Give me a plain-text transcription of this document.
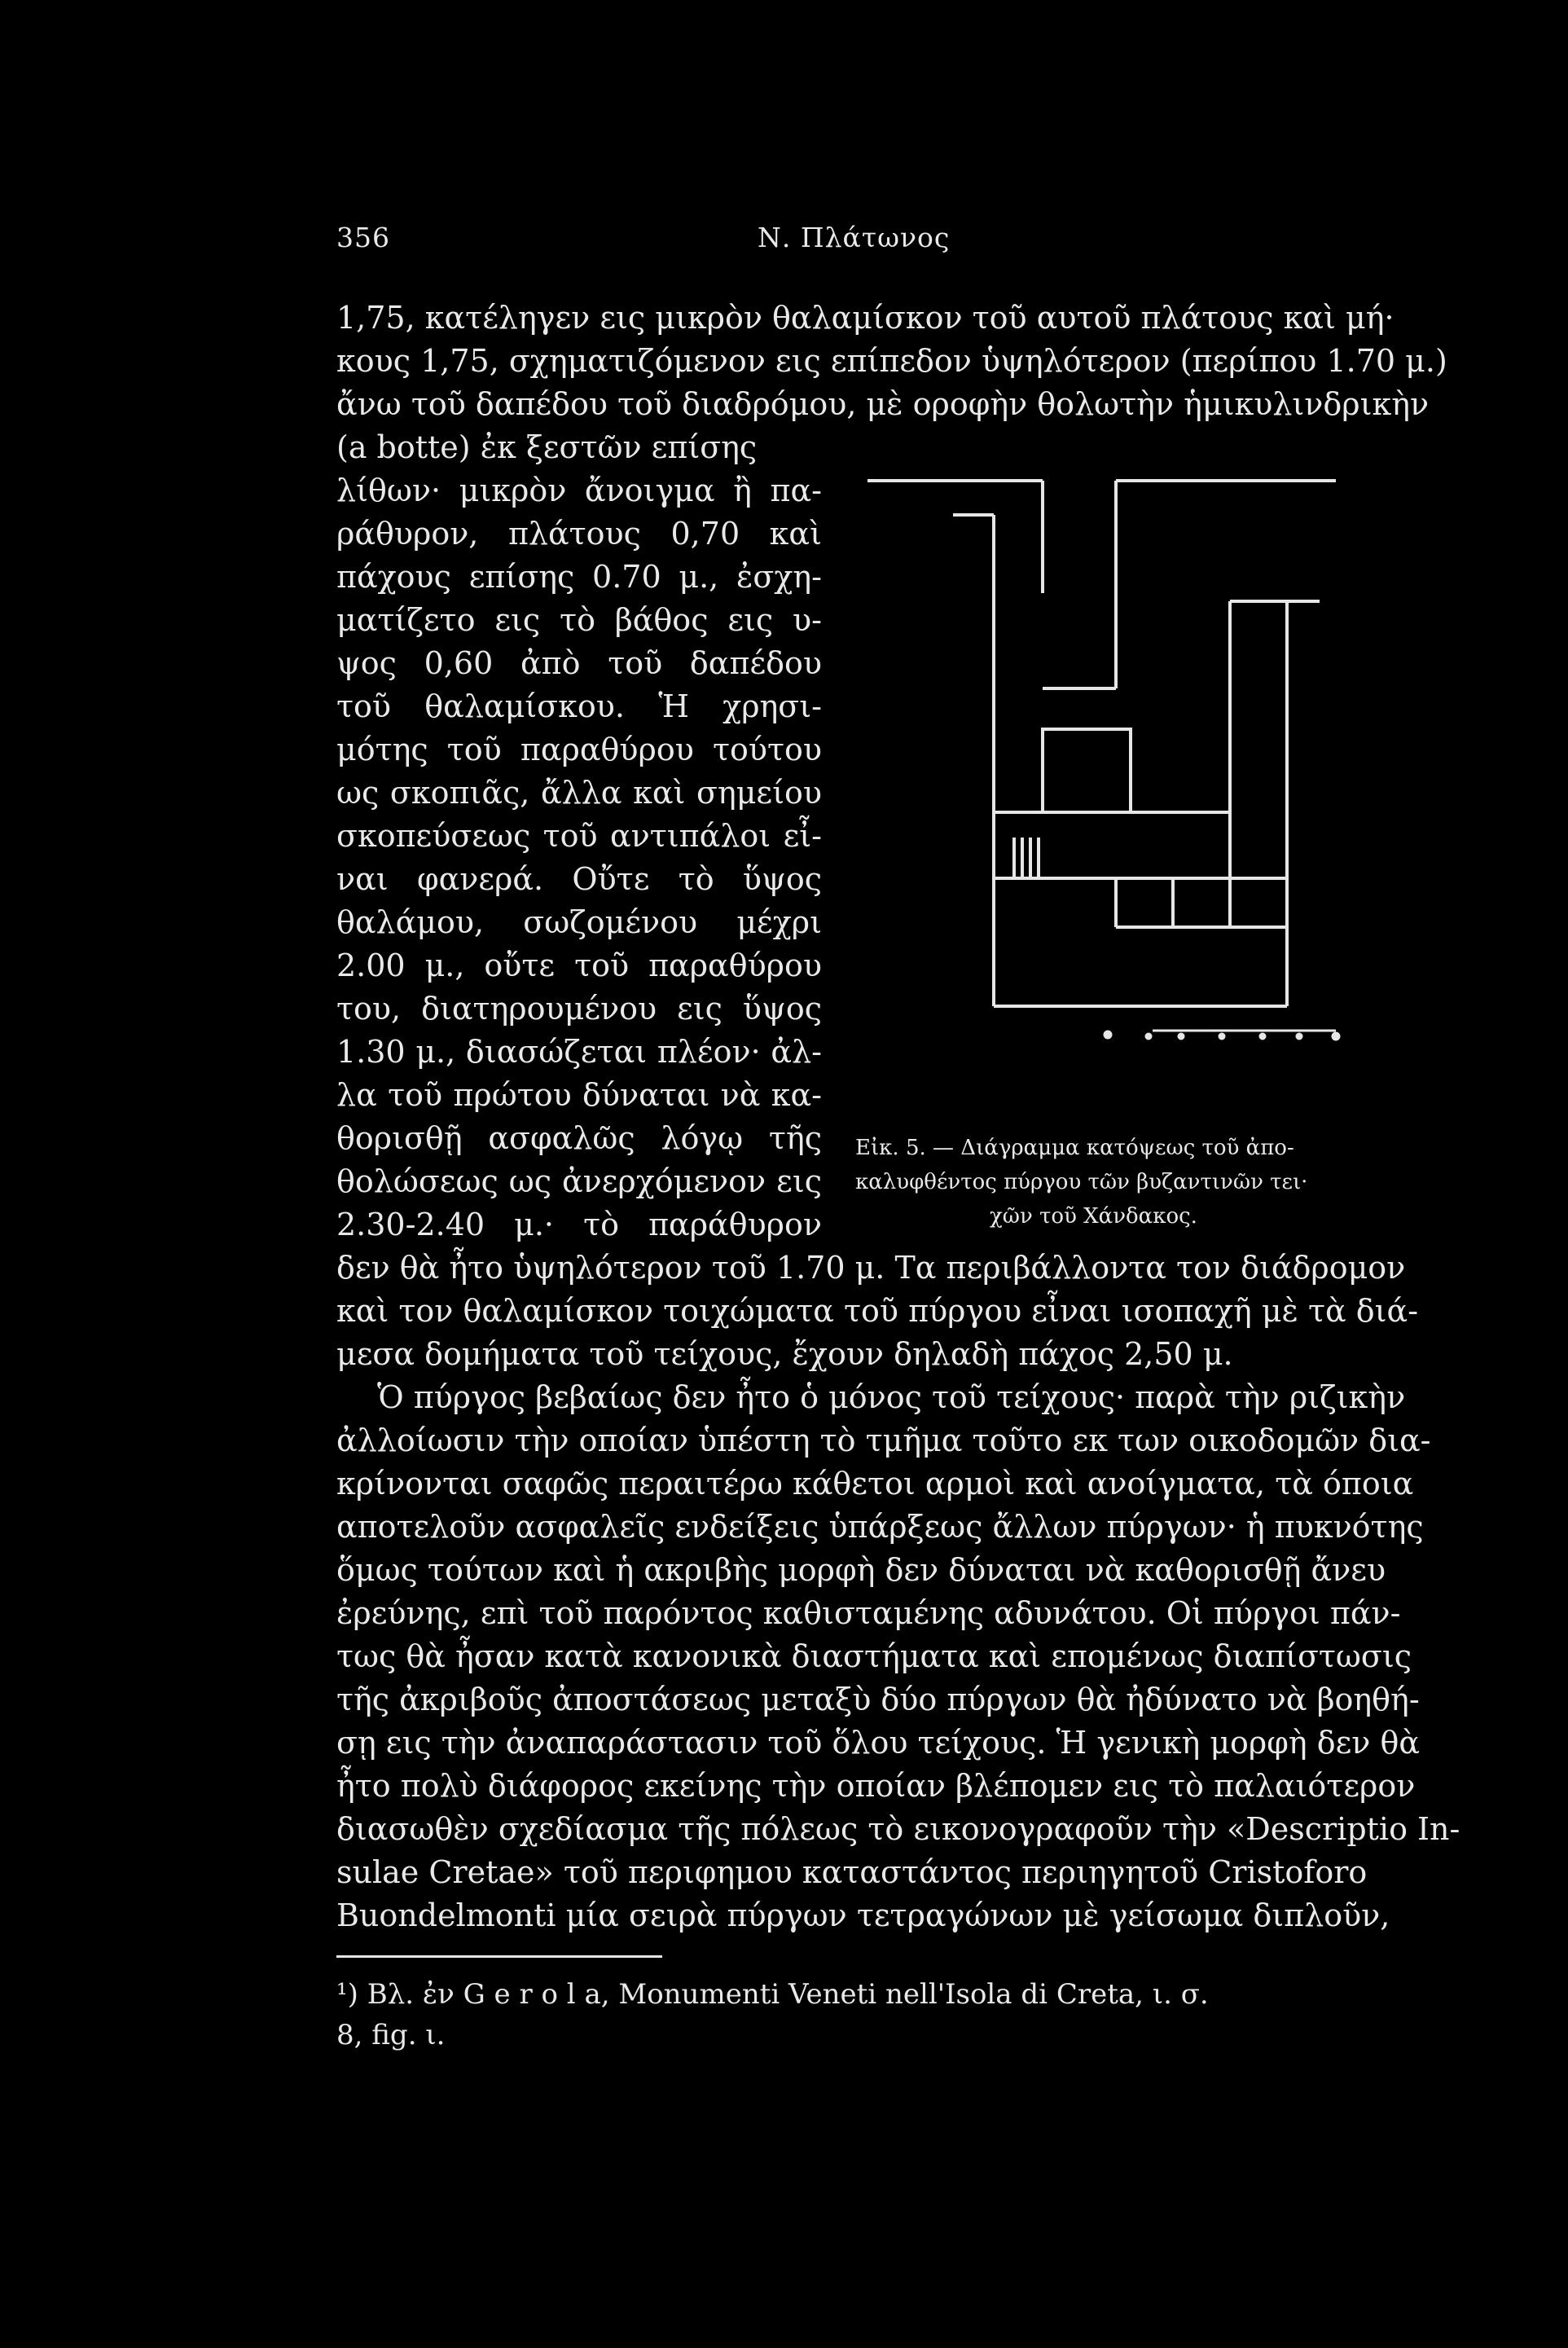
356	Ν. Πλάτωνος
1,75, κατέληγεν εις μικρὸν θαλαμίσκον τοῦ αυτοῦ πλάτους καὶ μή·
κους 1,75, σχηματιζόμενον εις επίπεδον ὑψηλότερον (περίπου 1.70 μ.)
ἄνω τοῦ δαπέδου τοῦ διαδρόμου, μὲ οροφὴν θολωτὴν ἡμικυλινδρικὴν
(a botte) ἐκ ξεστῶν επίσης
λίθων· μικρὸν ἄνοιγμα ἢ πα-
ράθυρον, πλάτους 0,70 καὶ
πάχους επίσης 0.70 μ., ἐσχη-
ματίζετο εις τὸ βάθος εις υ-
ψος 0,60 ἀπὸ τοῦ δαπέδου
τοῦ θαλαμίσκου. Ἡ χρησι-
μότης τοῦ παραθύρου τούτου
ως σκοπιᾶς, ἄλλα καὶ σημείου
σκοπεύσεως τοῦ αντιπάλοι εἶ-
ναι φανερά. Οὔτε τὸ ὕψος
θαλάμου, σωζομένου μέχρι
2.00 μ., οὔτε τοῦ παραθύρου
του, διατηρουμένου εις ὕψος
1.30 μ., διασώζεται πλέον· ἀλ-
λα τοῦ πρώτου δύναται νὰ κα-
θορισθῇ ασφαλῶς λόγῳ τῆς
θολώσεως ως ἀνερχόμενον εις
2.30-2.40 μ.· τὸ παράθυρον
δεν θὰ ἦτο ὑψηλότερον τοῦ 1.70 μ. Τα περιβάλλοντα τον διάδρομον
καὶ τον θαλαμίσκον τοιχώματα τοῦ πύργου εἶναι ισοπαχῆ μὲ τὰ διά-
μεσα δομήματα τοῦ τείχους, ἔχουν δηλαδὴ πάχος 2,50 μ.
Ὁ πύργος βεβαίως δεν ἦτο ὁ μόνος τοῦ τείχους· παρὰ τὴν ριζικὴν
ἀλλοίωσιν τὴν οποίαν ὑπέστη τὸ τμῆμα τοῦτο εκ των οικοδομῶν δια-
κρίνονται σαφῶς περαιτέρω κάθετοι αρμοὶ καὶ ανοίγματα, τὰ όποια
αποτελοῦν ασφαλεῖς ενδείξεις ὑπάρξεως ἄλλων πύργων· ἡ πυκνότης
ὅμως τούτων καὶ ἡ ακριβὴς μορφὴ δεν δύναται νὰ καθορισθῇ ἄνευ
ἐρεύνης, επὶ τοῦ παρόντος καθισταμένης αδυνάτου. Οἱ πύργοι πάν-
τως θὰ ἦσαν κατὰ κανονικὰ διαστήματα καὶ επομένως διαπίστωσις
τῆς ἀκριβοῦς ἀποστάσεως μεταξὺ δύο πύργων θὰ ἠδύνατο νὰ βοηθή-
σῃ εις τὴν ἀναπαράστασιν τοῦ ὅλου τείχους. Ἡ γενικὴ μορφὴ δεν θὰ
ἦτο πολὺ διάφορος εκείνης τὴν οποίαν βλέπομεν εις τὸ παλαιότερον
διασωθὲν σχεδίασμα τῆς πόλεως τὸ εικονογραφοῦν τὴν «Descriptio In-
sulae Cretae» τοῦ περιφημου καταστάντος περιηγητοῦ Cristoforo
Buondelmonti μία σειρὰ πύργων τετραγώνων μὲ γείσωμα διπλοῦν,
Εἰκ. 5. — Διάγραμμα κατόψεως τοῦ ἀπο-
καλυφθέντος πύργου τῶν βυζαντινῶν τει·
χῶν τοῦ Χάνδακος.
¹) Βλ. ἐν G e r o l a, Monumenti Veneti nell'Isola di Creta, ι. σ.
8, fig. ι.
